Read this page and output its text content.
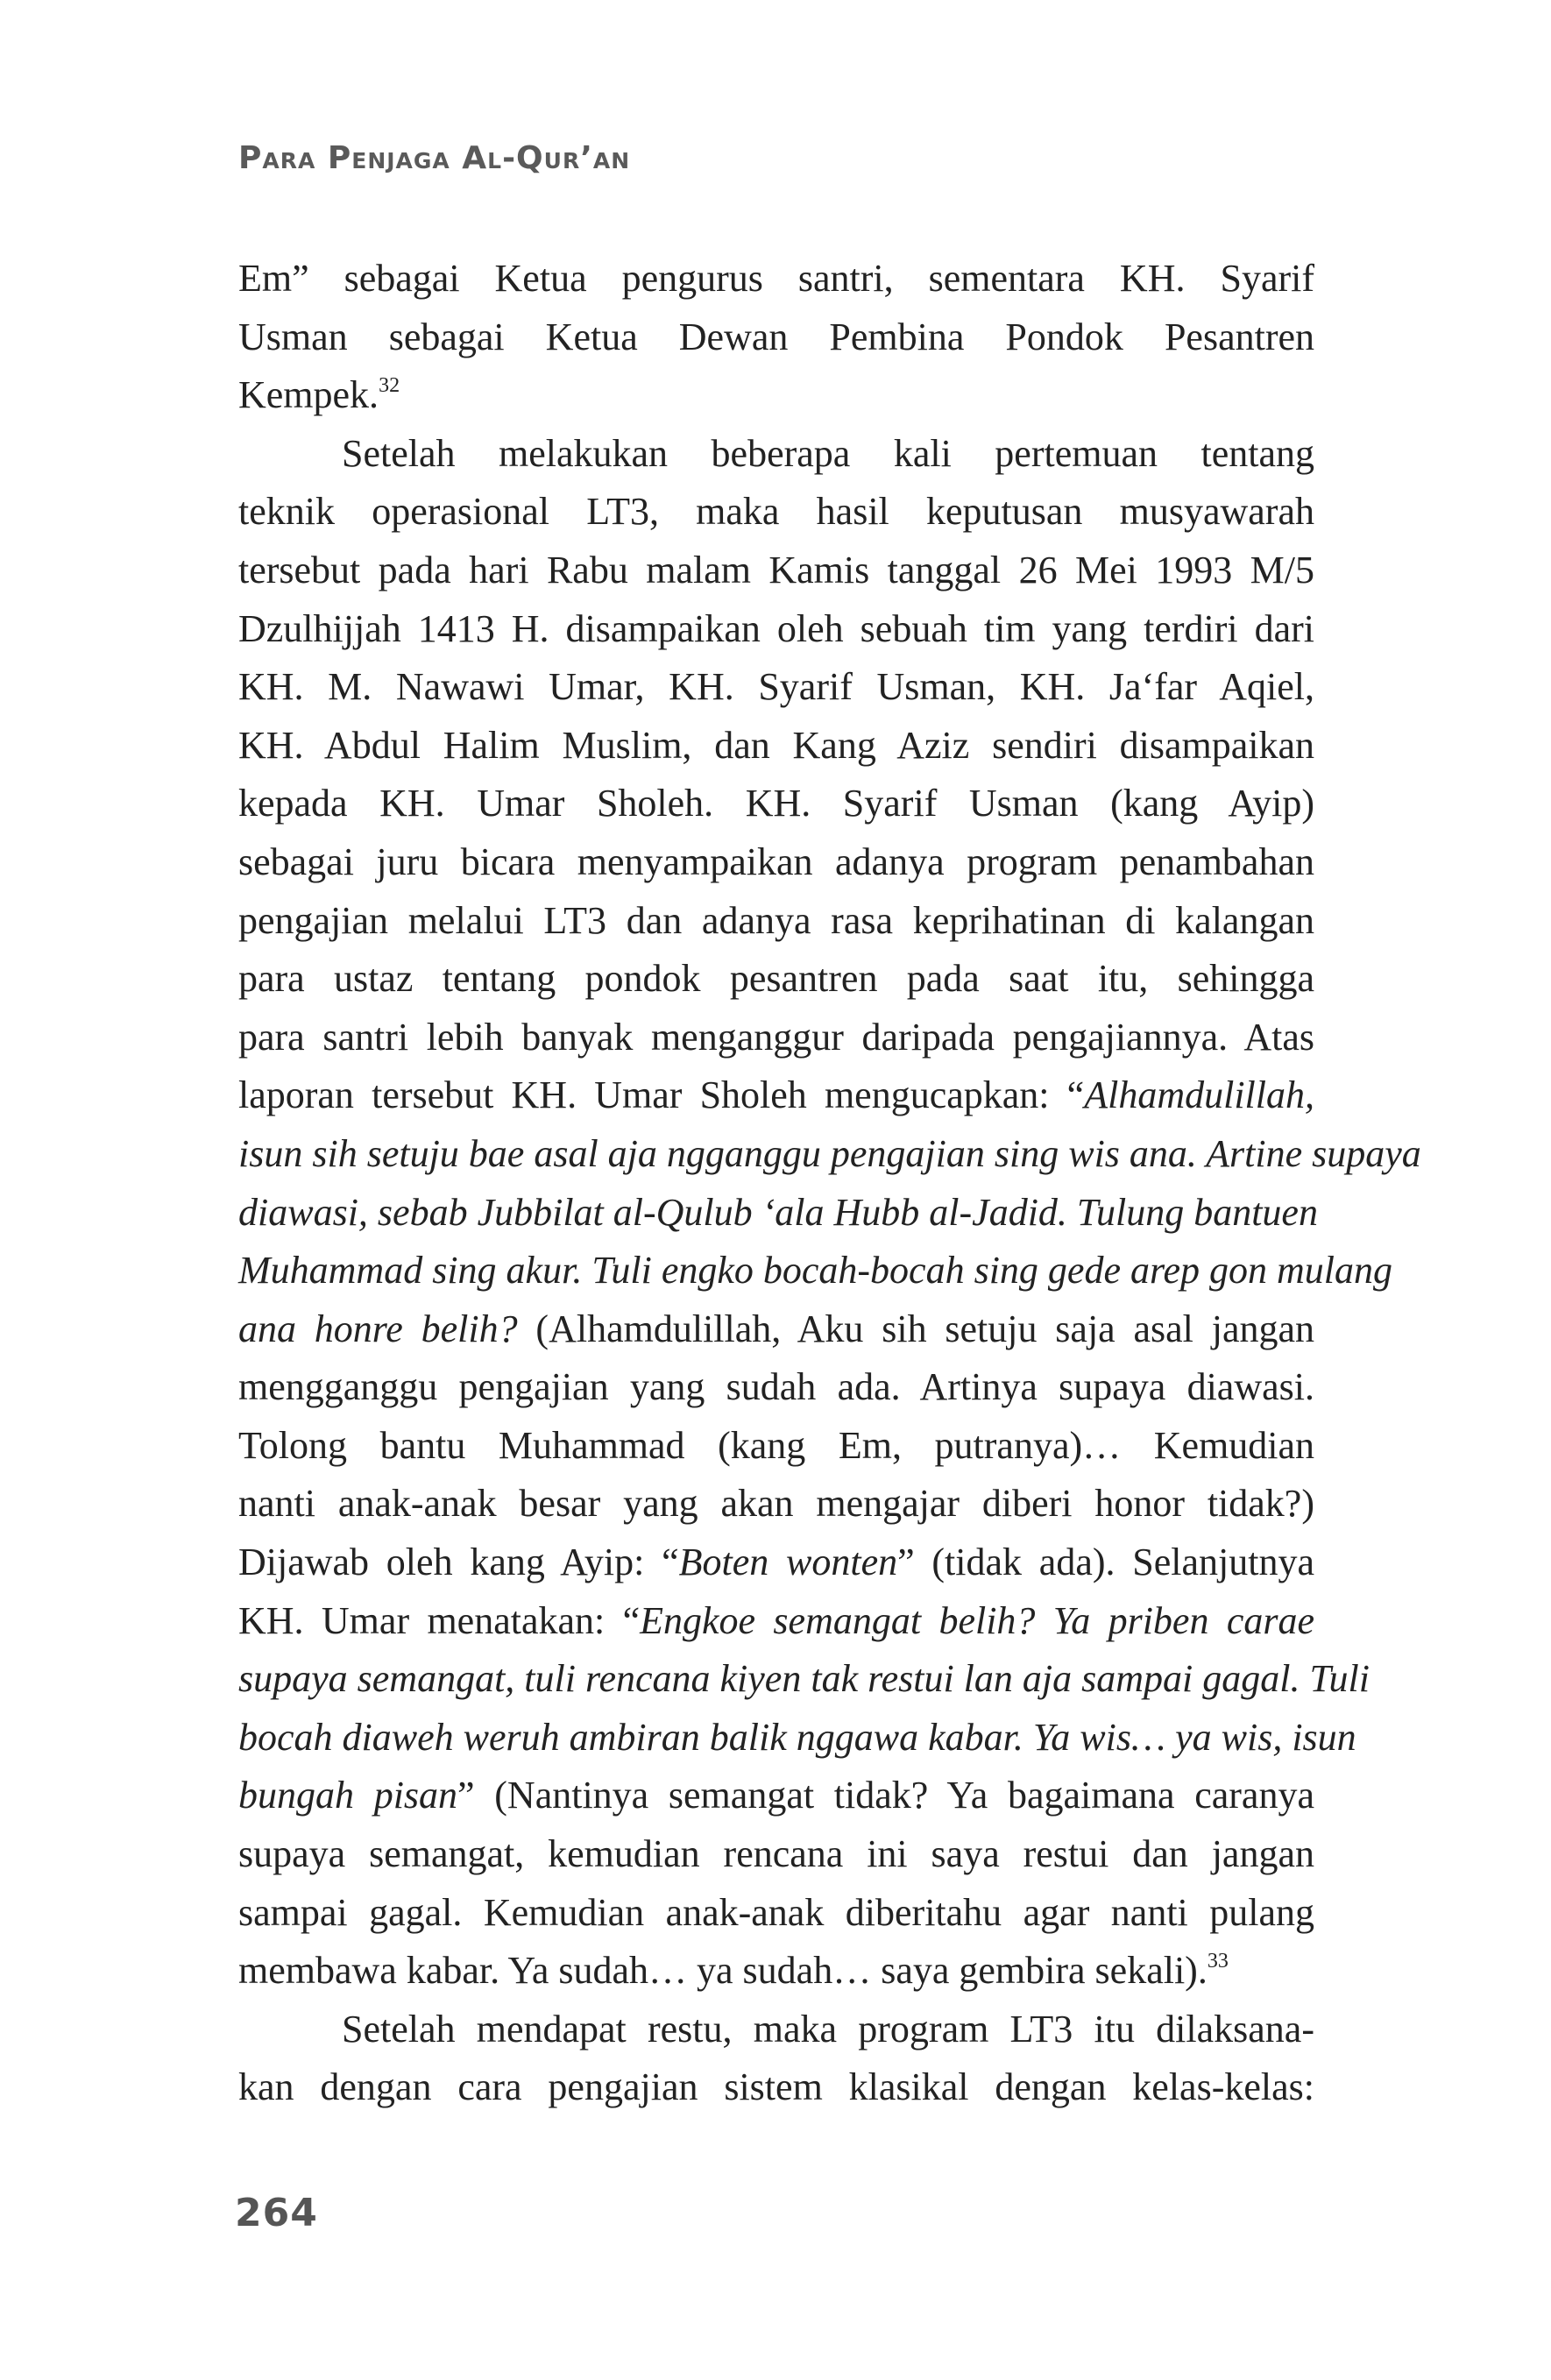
Para Penjaga Al-Qur’an
Em” sebagai Ketua pengurus santri, sementara KH. Syarif
Usman sebagai Ketua Dewan Pembina Pondok Pesantren
Kempek.$^{32}$
Setelah melakukan beberapa kali pertemuan tentang
teknik operasional LT3, maka hasil keputusan musyawarah
tersebut pada hari Rabu malam Kamis tanggal 26 Mei 1993 M/5
Dzulhijjah 1413 H. disampaikan oleh sebuah tim yang terdiri dari
KH. M. Nawawi Umar, KH. Syarif Usman, KH. Ja‘far Aqiel,
KH. Abdul Halim Muslim, dan Kang Aziz sendiri disampaikan
kepada KH. Umar Sholeh. KH. Syarif Usman (kang Ayip)
sebagai juru bicara menyampaikan adanya program penambahan
pengajian melalui LT3 dan adanya rasa keprihatinan di kalangan
para ustaz tentang pondok pesantren pada saat itu, sehingga
para santri lebih banyak menganggur daripada pengajiannya. Atas
laporan tersebut KH. Umar Sholeh mengucapkan: “Alhamdulillah,
isun sih setuju bae asal aja ngganggu pengajian sing wis ana. Artine supaya
diawasi, sebab Jubbilat al-Qulub ‘ala Hubb al-Jadid. Tulung bantuen
Muhammad sing akur. Tuli engko bocah-bocah sing gede arep gon mulang
ana honre belih? (Alhamdulillah, Aku sih setuju saja asal jangan
mengganggu pengajian yang sudah ada. Artinya supaya diawasi.
Tolong bantu Muhammad (kang Em, putranya)… Kemudian
nanti anak-anak besar yang akan mengajar diberi honor tidak?)
Dijawab oleh kang Ayip: “Boten wonten” (tidak ada). Selanjutnya
KH. Umar menatakan: “Engkoe semangat belih? Ya priben carae
supaya semangat, tuli rencana kiyen tak restui lan aja sampai gagal. Tuli
bocah diaweh weruh ambiran balik nggawa kabar. Ya wis… ya wis, isun
bungah pisan” (Nantinya semangat tidak? Ya bagaimana caranya
supaya semangat, kemudian rencana ini saya restui dan jangan
sampai gagal. Kemudian anak-anak diberitahu agar nanti pulang
membawa kabar. Ya sudah… ya sudah… saya gembira sekali).$^{33}$
Setelah mendapat restu, maka program LT3 itu dilaksana-
kan dengan cara pengajian sistem klasikal dengan kelas-kelas:
264
